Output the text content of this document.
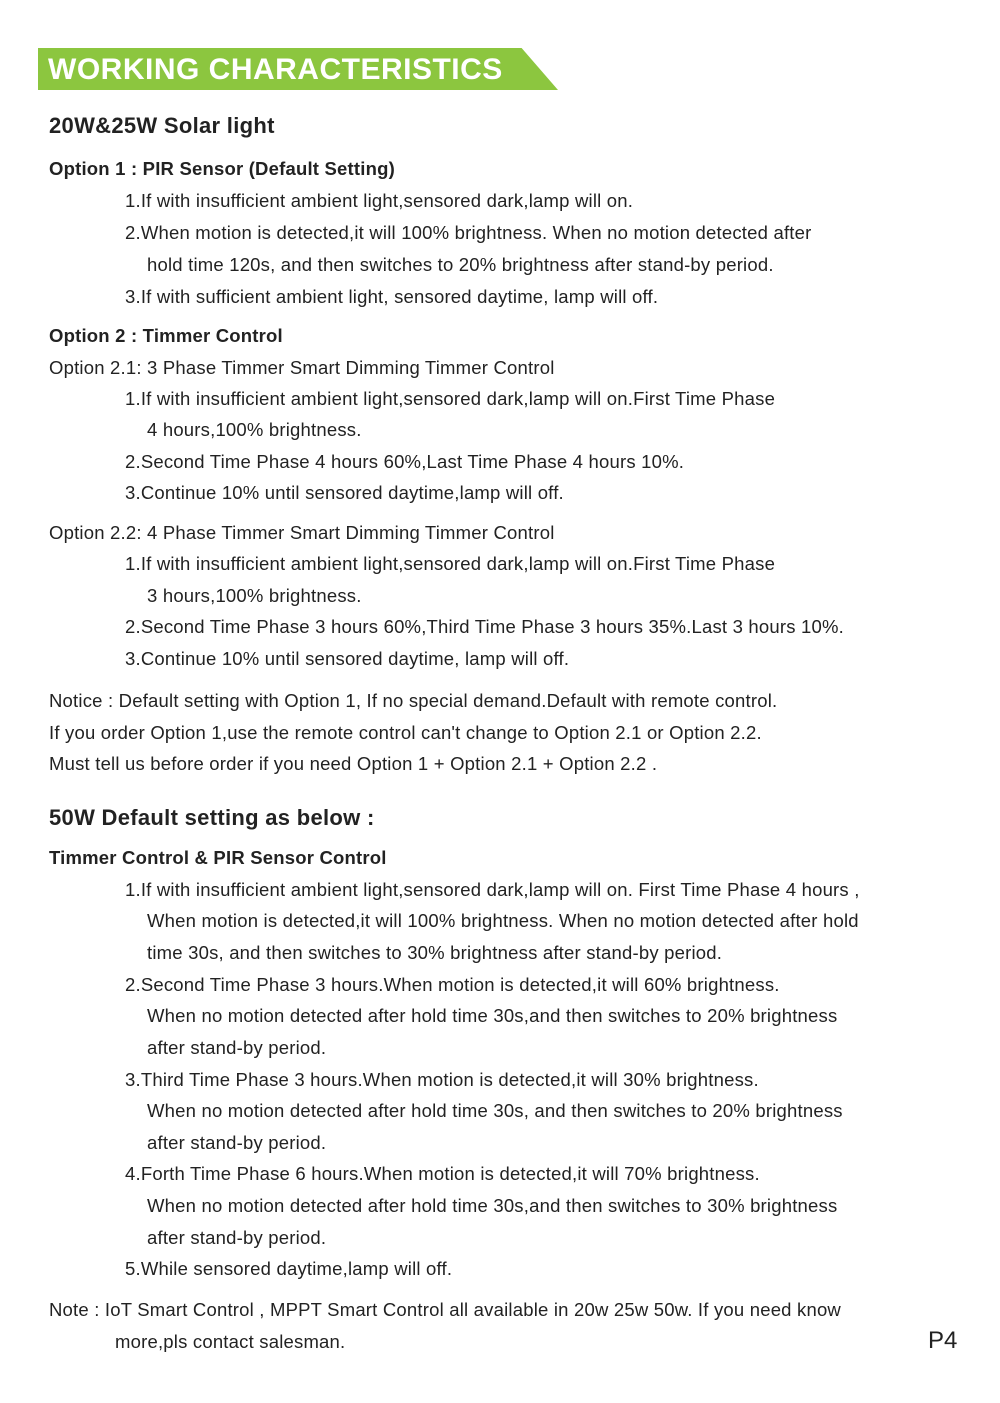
WORKING CHARACTERISTICS
20W&25W Solar light
Option 1 : PIR Sensor (Default Setting)

1.If with insufficient ambient light,sensored dark,lamp will on.

2.When motion is detected,it will 100% brightness. When no motion detected after

hold time 120s, and then switches to 20% brightness after stand-by period.

3.If with sufficient ambient light, sensored daytime, lamp will off.

Option 2 : Timmer Control

Option 2.1: 3 Phase Timmer Smart Dimming Timmer Control

1.If with insufficient ambient light,sensored dark,lamp will on.First Time Phase

4 hours,100% brightness.

2.Second Time Phase 4 hours 60%,Last Time Phase 4 hours 10%.

3.Continue 10% until sensored daytime,lamp will off.

Option 2.2: 4 Phase Timmer Smart Dimming Timmer Control

1.If with insufficient ambient light,sensored dark,lamp will on.First Time Phase

3 hours,100% brightness.

2.Second Time Phase 3 hours 60%,Third Time Phase 3 hours 35%.Last 3 hours 10%.

3.Continue 10% until sensored daytime, lamp will off.

Notice : Default setting with Option 1, If no special demand.Default with remote control.

If you order Option 1,use the remote control can't change to Option 2.1 or Option 2.2.

Must tell us before order if you need Option 1 + Option 2.1 + Option 2.2 .

50W Default setting as below :
Timmer Control & PIR Sensor Control

1.If with insufficient ambient light,sensored dark,lamp will on. First Time Phase 4 hours ,

When motion is detected,it will 100% brightness. When no motion detected after hold

time 30s, and then switches to 30% brightness after stand-by period.

2.Second Time Phase 3 hours.When motion is detected,it will 60% brightness.

When no motion detected after hold time 30s,and then switches to 20% brightness

after stand-by period.

3.Third Time Phase 3 hours.When motion is detected,it will 30% brightness.

When no motion detected after hold time 30s, and then switches to 20% brightness

after stand-by period.

4.Forth Time Phase 6 hours.When motion is detected,it will 70% brightness.

When no motion detected after hold time 30s,and then switches to 30% brightness

after stand-by period.

5.While sensored daytime,lamp will off.

Note : IoT Smart Control , MPPT Smart Control all available in 20w 25w 50w. If you need know

more,pls contact salesman.	P4
